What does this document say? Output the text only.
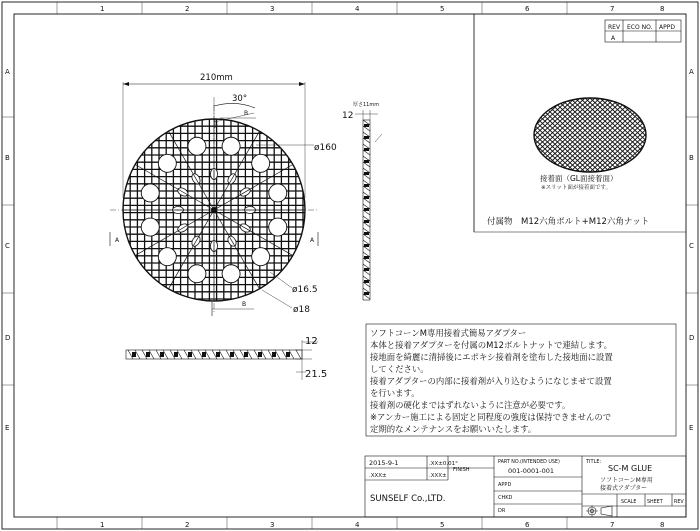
1
1
2
2
3
3
4
4
5
5
6
6
7
7
8
8
A	A
B	B
C	C
D	D
E	E
REV ECO NO. APPD
A
接着面（GL面接着面）
※スリット面が接着面です。
付属物　M12六角ボルト+M12六角ナット
210mm
30°
B
ø160
ø16.5
ø18
A	A
B
12
厚さ11mm
12
21.5
ソフトコーンM専用接着式簡易アダプター
本体と接着アダプターを付属のM12ボルトナットで連結します。
接地面を綺麗に清掃後にエポキシ接着剤を塗布した接地面に設置
してください。
接着アダプターの内部に接着剤が入り込むようになじませて設置
を行います。
接着剤の硬化まではずれないように注意が必要です。
※アンカー施工による固定と同程度の強度は保持できませんので
定期的なメンテナンスをお願いいたします。
2015-9-1	.XX±0.01°
.XXX±	.XXX±
FINISH
SUNSELF Co.,LTD.
PART NO.(INTENDED USE)
001-0001-001
APPD
CHKD
DR
TITLE:
SC-M GLUE
ソフトコーンM専用
接着式アダプター
SCALE SHEET REV
